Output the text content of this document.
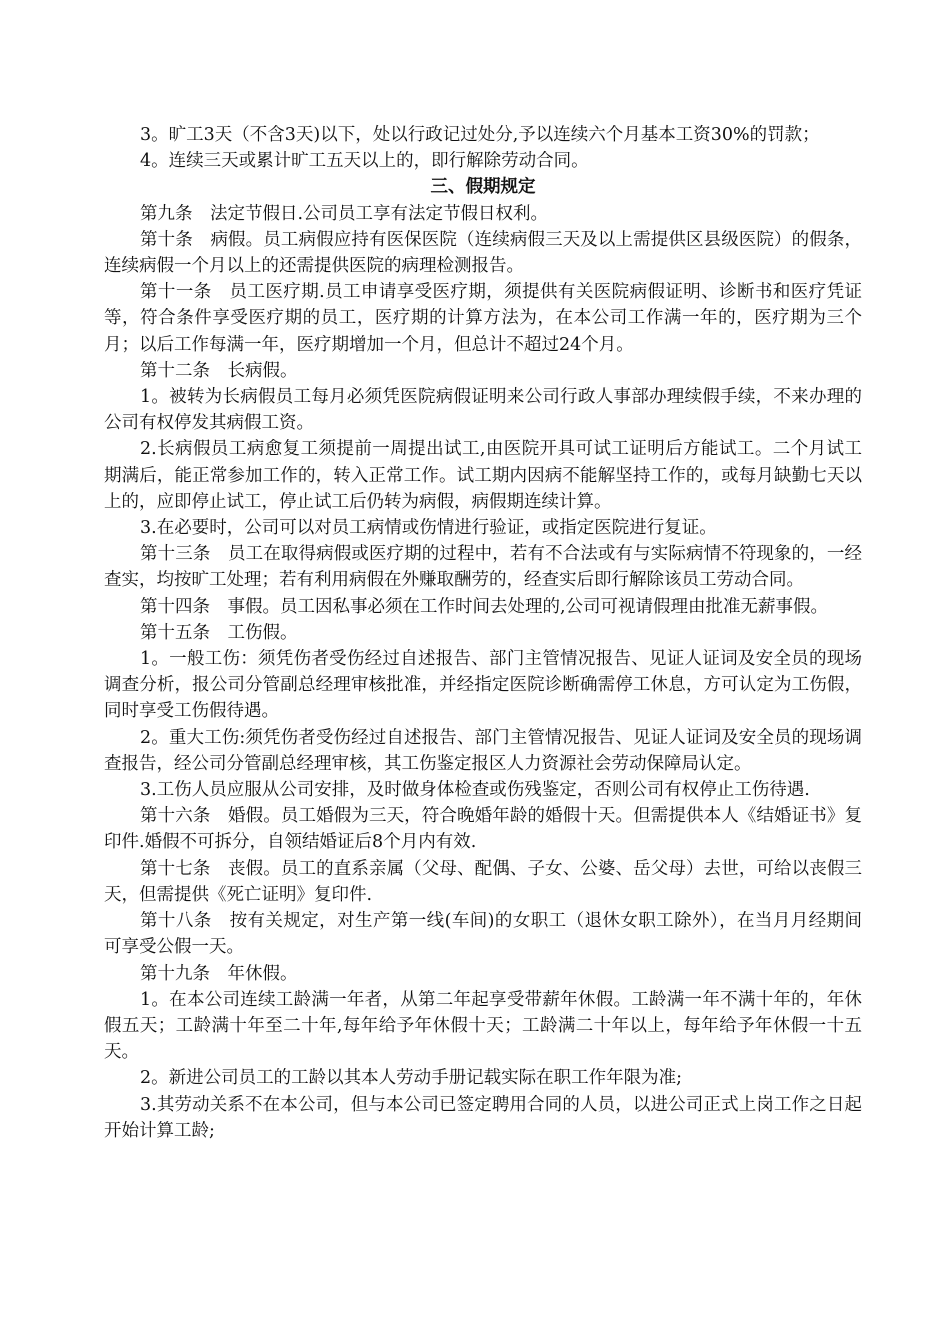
3。旷工3天（不含3天)以下，处以行政记过处分,予以连续六个月基本工资30%的罚款；

4。连续三天或累计旷工五天以上的，即行解除劳动合同。

三、假期规定

第九条　法定节假日.公司员工享有法定节假日权利。

第十条　病假。员工病假应持有医保医院（连续病假三天及以上需提供区县级医院）的假条，连续病假一个月以上的还需提供医院的病理检测报告。

第十一条　员工医疗期.员工申请享受医疗期，须提供有关医院病假证明、诊断书和医疗凭证等，符合条件享受医疗期的员工，医疗期的计算方法为，在本公司工作满一年的，医疗期为三个月；以后工作每满一年，医疗期增加一个月，但总计不超过24个月。

第十二条　长病假。

1。被转为长病假员工每月必须凭医院病假证明来公司行政人事部办理续假手续，不来办理的公司有权停发其病假工资。

2.长病假员工病愈复工须提前一周提出试工,由医院开具可试工证明后方能试工。二个月试工期满后，能正常参加工作的，转入正常工作。试工期内因病不能解坚持工作的，或每月缺勤七天以上的，应即停止试工，停止试工后仍转为病假，病假期连续计算。

3.在必要时，公司可以对员工病情或伤情进行验证，或指定医院进行复证。

第十三条　员工在取得病假或医疗期的过程中，若有不合法或有与实际病情不符现象的，一经查实，均按旷工处理；若有利用病假在外赚取酬劳的，经查实后即行解除该员工劳动合同。

第十四条　事假。员工因私事必须在工作时间去处理的,公司可视请假理由批准无薪事假。

第十五条　工伤假。

1。一般工伤：须凭伤者受伤经过自述报告、部门主管情况报告、见证人证词及安全员的现场调查分析，报公司分管副总经理审核批准，并经指定医院诊断确需停工休息，方可认定为工伤假，同时享受工伤假待遇。

2。重大工伤:须凭伤者受伤经过自述报告、部门主管情况报告、见证人证词及安全员的现场调查报告，经公司分管副总经理审核，其工伤鉴定报区人力资源社会劳动保障局认定。

3.工伤人员应服从公司安排，及时做身体检查或伤残鉴定，否则公司有权停止工伤待遇.

第十六条　婚假。员工婚假为三天，符合晚婚年龄的婚假十天。但需提供本人《结婚证书》复印件.婚假不可拆分，自领结婚证后8个月内有效.

第十七条　丧假。员工的直系亲属（父母、配偶、子女、公婆、岳父母）去世，可给以丧假三天，但需提供《死亡证明》复印件.

第十八条　按有关规定，对生产第一线(车间)的女职工（退休女职工除外），在当月月经期间可享受公假一天。

第十九条　年休假。

1。在本公司连续工龄满一年者，从第二年起享受带薪年休假。工龄满一年不满十年的，年休假五天；工龄满十年至二十年,每年给予年休假十天；工龄满二十年以上，每年给予年休假一十五天。

2。新进公司员工的工龄以其本人劳动手册记载实际在职工作年限为准;

3.其劳动关系不在本公司，但与本公司已签定聘用合同的人员，以进公司正式上岗工作之日起开始计算工龄;
